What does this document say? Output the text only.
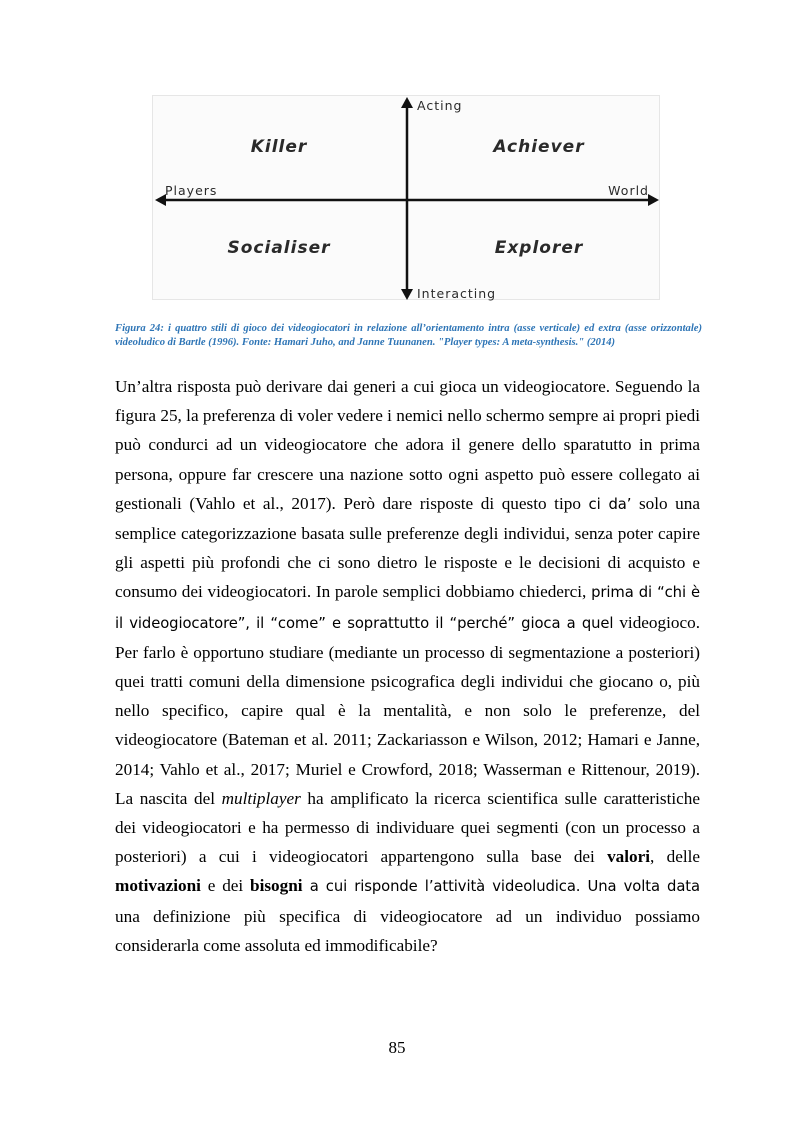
Acting
Interacting
Players	World
Killer	Achiever
Socialiser	Explorer

Figura 24: i quattro stili di gioco dei videogiocatori in relazione all’orientamento intra (asse verticale) ed extra (asse orizzontale) videoludico di Bartle (1996). Fonte: Hamari Juho, and Janne Tuunanen. "Player types: A meta-synthesis." (2014)

Un’altra risposta può derivare dai generi a cui gioca un videogiocatore. Seguendo la figura 25, la preferenza di voler vedere i nemici nello schermo sempre ai propri piedi può condurci ad un videogiocatore che adora il genere dello sparatutto in prima persona, oppure far crescere una nazione sotto ogni aspetto può essere collegato ai gestionali (Vahlo et al., 2017). Però dare risposte di questo tipo ci da’ solo una semplice categorizzazione basata sulle preferenze degli individui, senza poter capire gli aspetti più profondi che ci sono dietro le risposte e le decisioni di acquisto e consumo dei videogiocatori. In parole semplici dobbiamo chiederci, prima di “chi è il videogiocatore”, il “come” e soprattutto il “perché” gioca a quel videogioco. Per farlo è opportuno studiare (mediante un processo di segmentazione a posteriori) quei tratti comuni della dimensione psicografica degli individui che giocano o, più nello specifico, capire qual è la mentalità, e non solo le preferenze, del videogiocatore (Bateman et al. 2011; Zackariasson e Wilson, 2012; Hamari e Janne, 2014; Vahlo et al., 2017; Muriel e Crowford, 2018; Wasserman e Rittenour, 2019). La nascita del multiplayer ha amplificato la ricerca scientifica sulle caratteristiche dei videogiocatori e ha permesso di individuare quei segmenti (con un processo a posteriori) a cui i videogiocatori appartengono sulla base dei valori, delle motivazioni e dei bisogni a cui risponde l’attività videoludica. Una volta data una definizione più specifica di videogiocatore ad un individuo possiamo considerarla come assoluta ed immodificabile?

85
